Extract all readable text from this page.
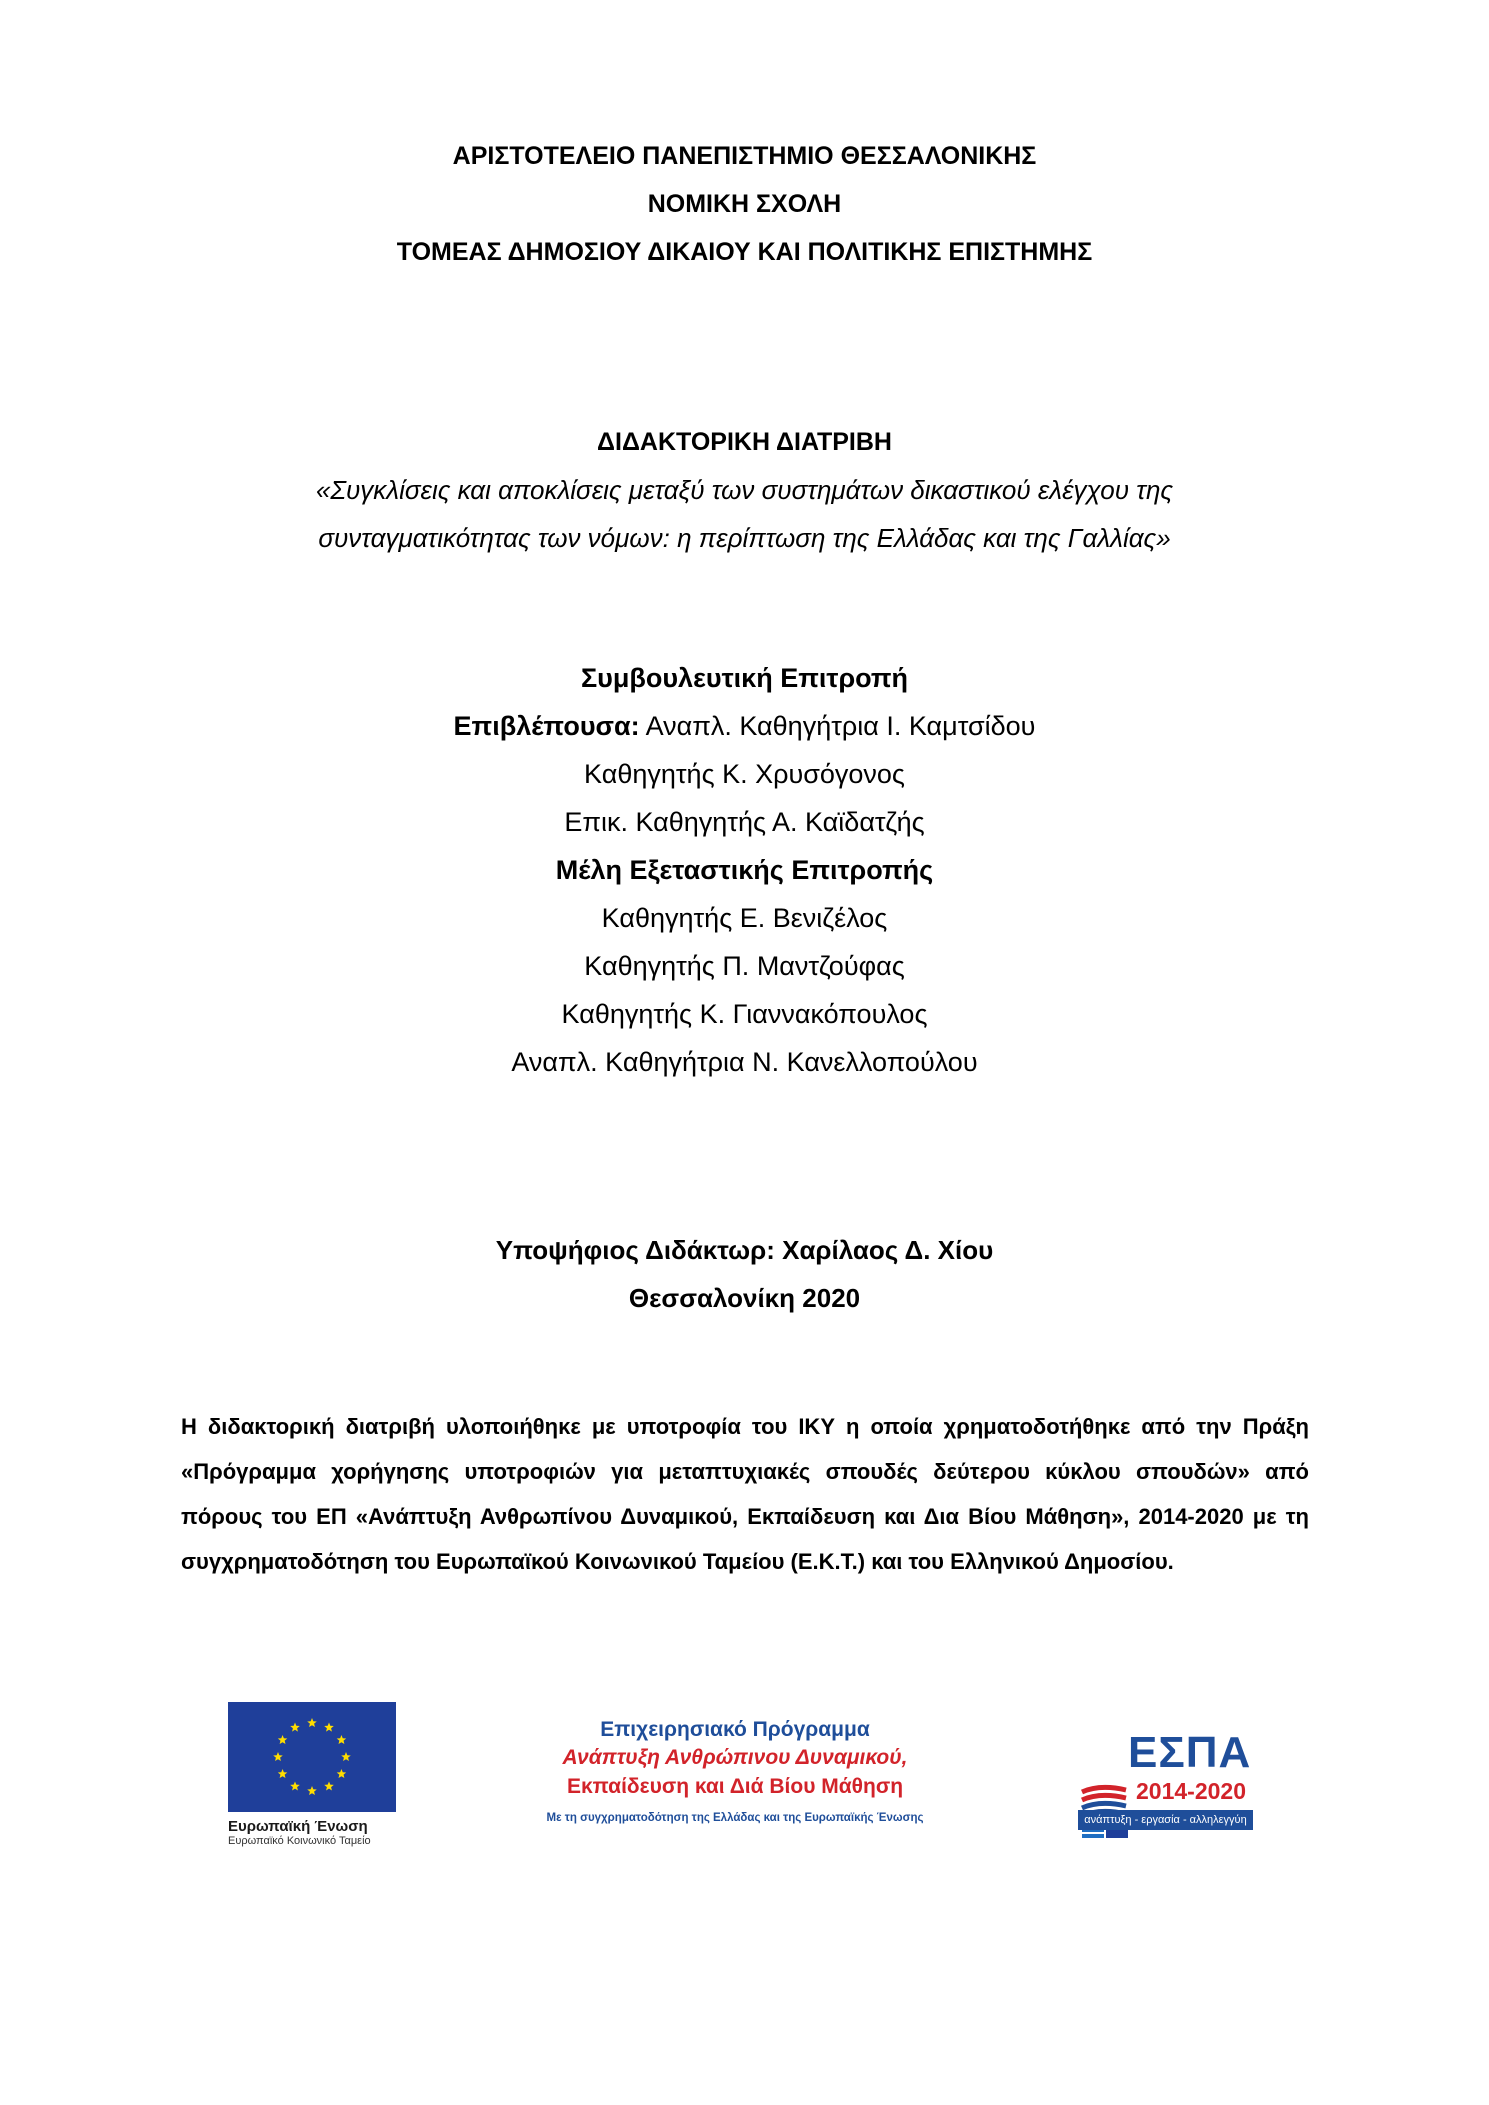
ΑΡΙΣΤΟΤΕΛΕΙΟ ΠΑΝΕΠΙΣΤΗΜΙΟ ΘΕΣΣΑΛΟΝΙΚΗΣ
ΝΟΜΙΚΗ ΣΧΟΛΗ
ΤΟΜΕΑΣ ΔΗΜΟΣΙΟΥ ΔΙΚΑΙΟΥ ΚΑΙ ΠΟΛΙΤΙΚΗΣ ΕΠΙΣΤΗΜΗΣ
ΔΙΔΑΚΤΟΡΙΚΗ ΔΙΑΤΡΙΒΗ
«Συγκλίσεις και αποκλίσεις μεταξύ των συστημάτων δικαστικού ελέγχου της
συνταγματικότητας των νόμων: η περίπτωση της Ελλάδας και της Γαλλίας»
Συμβουλευτική Επιτροπή
Επιβλέπουσα: Αναπλ. Καθηγήτρια Ι. Καμτσίδου
Καθηγητής Κ. Χρυσόγονος
Επικ. Καθηγητής Α. Καϊδατζής
Μέλη Εξεταστικής Επιτροπής
Καθηγητής Ε. Βενιζέλος
Καθηγητής Π. Μαντζούφας
Καθηγητής Κ. Γιαννακόπουλος
Αναπλ. Καθηγήτρια Ν. Κανελλοπούλου
Υποψήφιος Διδάκτωρ: Χαρίλαος Δ. Χίου
Θεσσαλονίκη 2020
Η διδακτορική διατριβή υλοποιήθηκε με υποτροφία του ΙΚΥ η οποία χρηματοδοτήθηκε από την Πράξη «Πρόγραμμα χορήγησης υποτροφιών για μεταπτυχιακές σπουδές δεύτερου κύκλου σπουδών» από πόρους του ΕΠ «Ανάπτυξη Ανθρωπίνου Δυναμικού, Εκπαίδευση και Δια Βίου Μάθηση», 2014-2020 με τη συγχρηματοδότηση του Ευρωπαϊκού Κοινωνικού Ταμείου (Ε.Κ.Τ.) και του Ελληνικού Δημοσίου.
Ευρωπαϊκή Ένωση
Ευρωπαϊκό Κοινωνικό Ταμείο
Επιχειρησιακό Πρόγραμμα
Ανάπτυξη Ανθρώπινου Δυναμικού,
Εκπαίδευση και Διά Βίου Μάθηση
Με τη συγχρηματοδότηση της Ελλάδας και της Ευρωπαϊκής Ένωσης
ΕΣΠΑ
2014-2020
ανάπτυξη - εργασία - αλληλεγγύη
